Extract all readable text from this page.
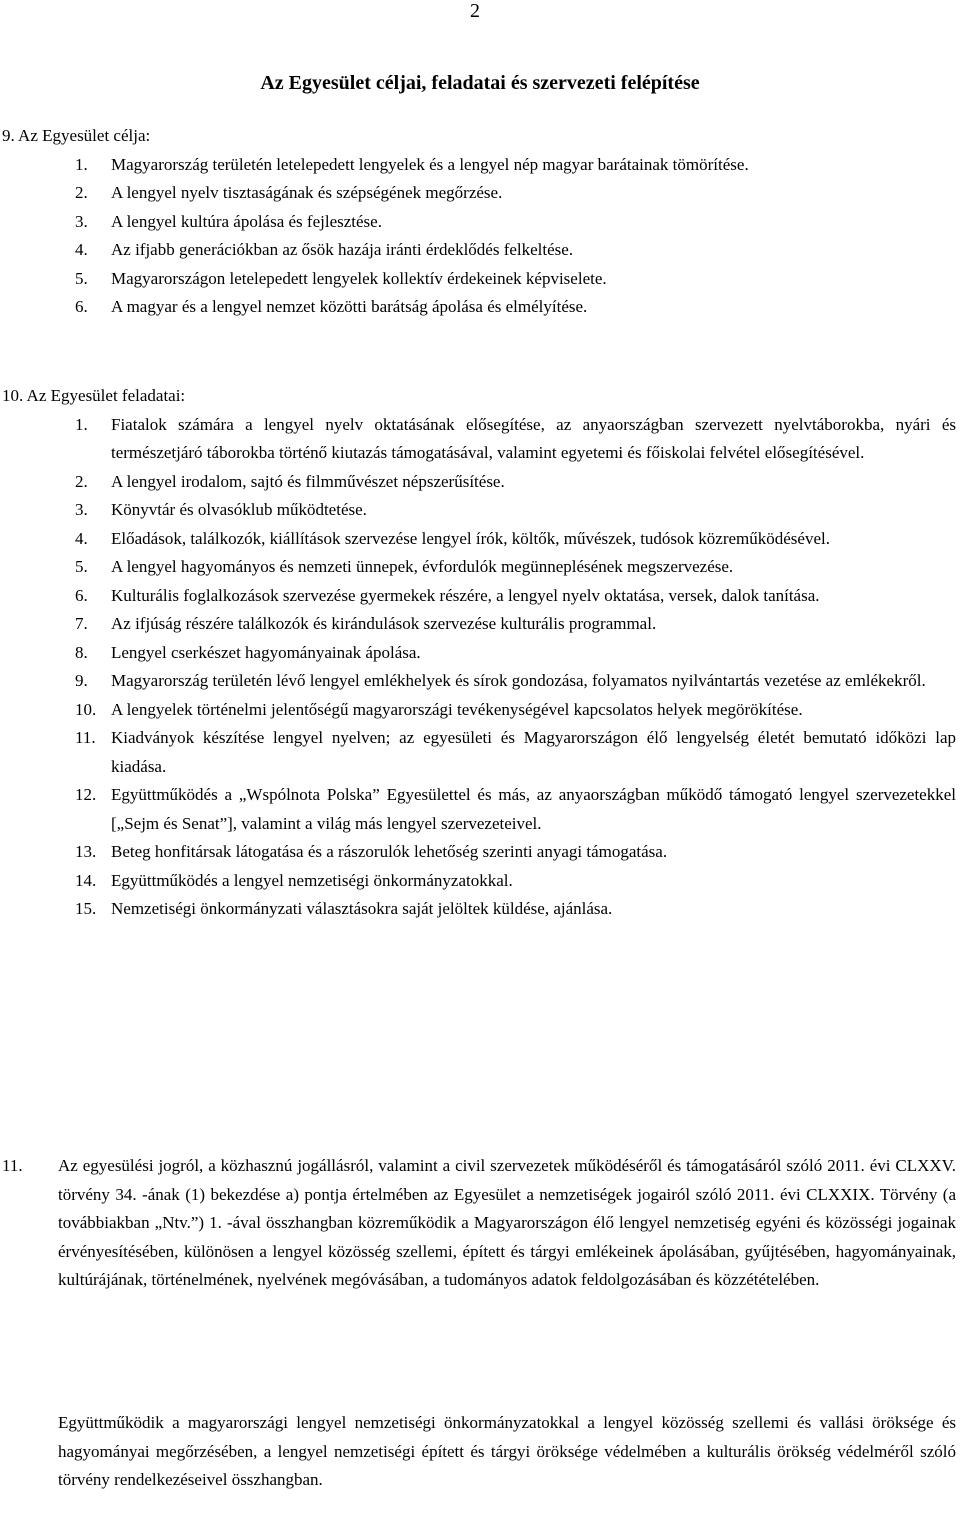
2
Az Egyesület céljai, feladatai és szervezeti felépítése
9. Az Egyesület célja:
1.	Magyarország területén letelepedett lengyelek és a lengyel nép magyar barátainak tömörítése.
2.	A lengyel nyelv tisztaságának és szépségének megőrzése.
3.	A lengyel kultúra ápolása és fejlesztése.
4.	Az ifjabb generációkban az ősök hazája iránti érdeklődés felkeltése.
5.	Magyarországon letelepedett lengyelek kollektív érdekeinek képviselete.
6.	A magyar és a lengyel nemzet közötti barátság ápolása és elmélyítése.
10. Az Egyesület feladatai:
1.	Fiatalok számára a lengyel nyelv oktatásának elősegítése, az anyaországban szervezett nyelvtáborokba, nyári és természetjáró táborokba történő kiutazás támogatásával, valamint egyetemi és főiskolai felvétel elősegítésével.
2.	A lengyel irodalom, sajtó és filmművészet népszerűsítése.
3.	Könyvtár és olvasóklub működtetése.
4.	Előadások, találkozók, kiállítások szervezése lengyel írók, költők, művészek, tudósok közreműködésével.
5.	A lengyel hagyományos és nemzeti ünnepek, évfordulók megünneplésének megszervezése.
6.	Kulturális foglalkozások szervezése gyermekek részére, a lengyel nyelv oktatása, versek, dalok tanítása.
7.	Az ifjúság részére találkozók és kirándulások szervezése kulturális programmal.
8.	Lengyel cserkészet hagyományainak ápolása.
9.	Magyarország területén lévő lengyel emlékhelyek és sírok gondozása, folyamatos nyilvántartás vezetése az emlékekről.
10. A lengyelek történelmi jelentőségű magyarországi tevékenységével kapcsolatos helyek megörökítése.
11. Kiadványok készítése lengyel nyelven; az egyesületi és Magyarországon élő lengyelség életét bemutató időközi lap kiadása.
12. Együttműködés a „Wspólnota Polska” Egyesülettel és más, az anyaországban működő támogató lengyel szervezetekkel [„Sejm és Senat”], valamint a világ más lengyel szervezeteivel.
13. Beteg honfitársak látogatása és a rászorulók lehetőség szerinti anyagi támogatása.
14. Együttműködés a lengyel nemzetiségi önkormányzatokkal.
15. Nemzetiségi önkormányzati választásokra saját jelöltek küldése, ajánlása.
11.	Az egyesülési jogról, a közhasznú jogállásról, valamint a civil szervezetek működéséről és támogatásáról szóló 2011. évi CLXXV. törvény 34. -ának (1) bekezdése a) pontja értelmében az Egyesület a nemzetiségek jogairól szóló 2011. évi CLXXIX. Törvény (a továbbiakban „Ntv.”) 1. -ával összhangban közreműködik a Magyarországon élő lengyel nemzetiség egyéni és közösségi jogainak érvényesítésében, különösen a lengyel közösség szellemi, épített és tárgyi emlékeinek ápolásában, gyűjtésében, hagyományainak, kultúrájának, történelmének, nyelvének megóvásában, a tudományos adatok feldolgozásában és közzétételében.
Együttműködik a magyarországi lengyel nemzetiségi önkormányzatokkal a lengyel közösség szellemi és vallási öröksége és hagyományai megőrzésében, a lengyel nemzetiségi épített és tárgyi öröksége védelmében a kulturális örökség védelméről szóló törvény rendelkezéseivel összhangban.
